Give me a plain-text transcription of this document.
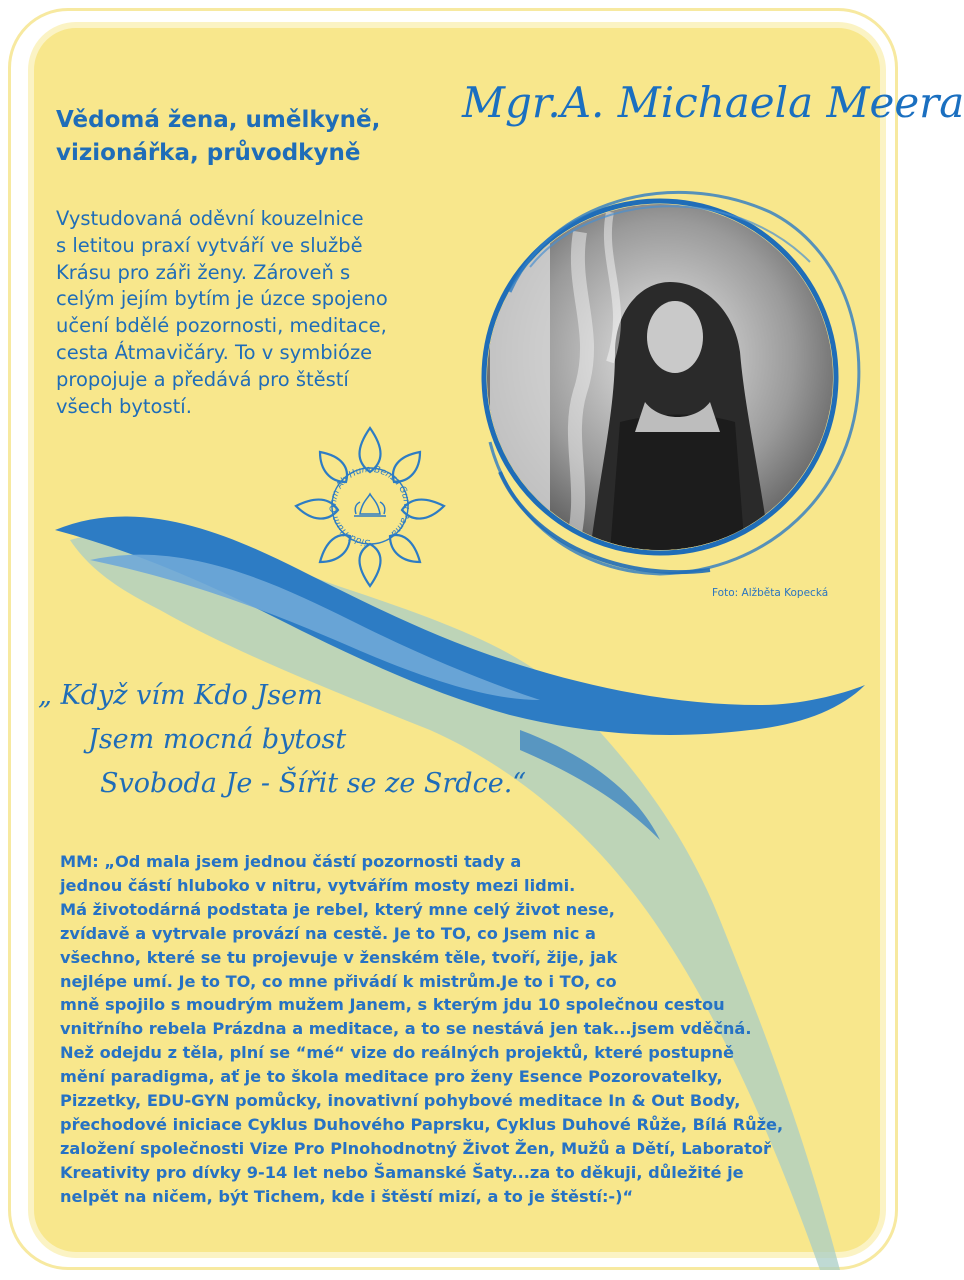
Mgr.A. Michaela Meera
Vědomá žena, umělkyně,
vizionářka, průvodkyně
Vystudovaná oděvní kouzelnice
s letitou praxí vytváří ve službě
Krásu pro záři ženy. Zároveň s
celým jejím bytím je úzce spojeno
učení bdělé pozornosti, meditace,
cesta Átmavičáry. To v symbióze
propojuje a předává pro štěstí
všech bytostí.
Foto: Alžběta Kopecká
Sidd Hum Ohm Ah Hum Benza Guru Pama
„ Když vím Kdo Jsem
Jsem mocná bytost
Svoboda Je - Šířit se ze Srdce.“
MM: „Od mala jsem jednou částí pozornosti tady a
jednou částí hluboko v nitru, vytvářím mosty mezi lidmi.
Má životodárná podstata je rebel, který mne celý život nese,
zvídavě a vytrvale provází na cestě. Je to TO, co Jsem nic a
všechno, které se tu projevuje v ženském těle, tvoří, žije, jak
nejlépe umí. Je to TO, co mne přivádí k mistrům.Je to i TO, co
mně spojilo s moudrým mužem Janem, s kterým jdu 10 společnou cestou
vnitřního rebela Prázdna a meditace, a to se nestává jen tak...jsem vděčná.
Než odejdu z těla, plní se “mé“ vize do reálných projektů, které postupně
mění paradigma, ať je to škola meditace pro ženy Esence Pozorovatelky,
Pizzetky, EDU-GYN pomůcky, inovativní pohybové meditace In & Out Body,
přechodové iniciace Cyklus Duhového Paprsku, Cyklus Duhové Růže, Bílá Růže,
založení společnosti Vize Pro Plnohodnotný Život Žen, Mužů a Dětí, Laboratoř
Kreativity pro dívky 9-14 let nebo Šamanské Šaty...za to děkuji, důležité je
nelpět na ničem, být Tichem, kde i štěstí mizí, a to je štěstí:-)“
